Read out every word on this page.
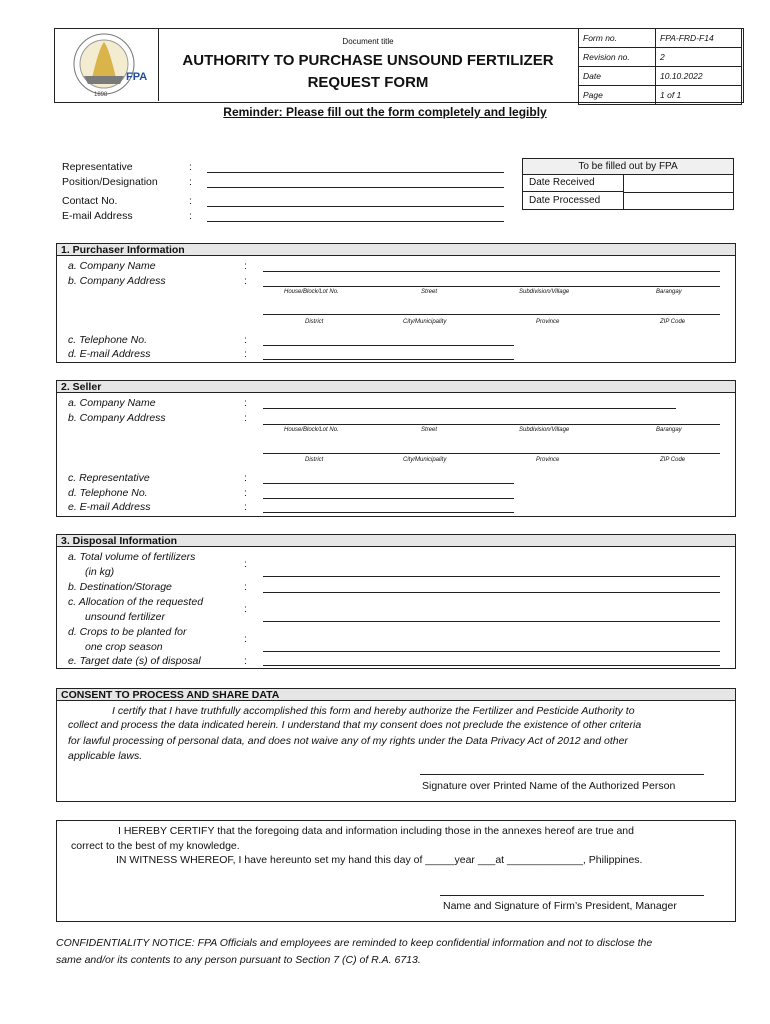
FPA
1898
Document title
AUTHORITY TO PURCHASE UNSOUND FERTILIZER
REQUEST FORM
Form no.	FPA-FRD-F14
Revision no.	2
Date	10.10.2022
Page	1 of 1
Reminder: Please fill out the form completely and legibly
Representative
Position/Designation
Contact No.
E-mail Address
:
:
:
:
To be filled out by FPA
Date Received
Date Processed
1. Purchaser Information
a. Company Name
b. Company Address
:
:
House/Block/Lot No.	Street	Subdivision/Village	Barangay
District	City/Municipality	Province	ZIP Code
c. Telephone No.
d. E-mail Address
:
:
2. Seller
a. Company Name
b. Company Address
:
:
House/Block/Lot No.	Street	Subdivision/Village	Barangay
District	City/Municipality	Province	ZIP Code
c. Representative
d. Telephone No.
e. E-mail Address
:
:
:
3. Disposal Information
a. Total volume of fertilizers
(in kg)
b. Destination/Storage
c. Allocation of the requested
unsound fertilizer
d. Crops to be planted for
one crop season
e. Target date (s) of disposal
:
:
:
:
:
CONSENT TO PROCESS AND SHARE DATA
I certify that I have truthfully accomplished this form and hereby authorize the Fertilizer and Pesticide Authority to
collect and process the data indicated herein. I understand that my consent does not preclude the existence of other criteria
for lawful processing of personal data, and does not waive any of my rights under the Data Privacy Act of 2012 and other
applicable laws.
Signature over Printed Name of the Authorized Person
I HEREBY CERTIFY that the foregoing data and information including those in the annexes hereof are true and
correct to the best of my knowledge.
IN WITNESS WHEREOF, I have hereunto set my hand this day of _____year ___at _____________, Philippines.
Name and Signature of Firm’s President, Manager
CONFIDENTIALITY NOTICE: FPA Officials and employees are reminded to keep confidential information and not to disclose the
same and/or its contents to any person pursuant to Section 7 (C) of R.A. 6713.
